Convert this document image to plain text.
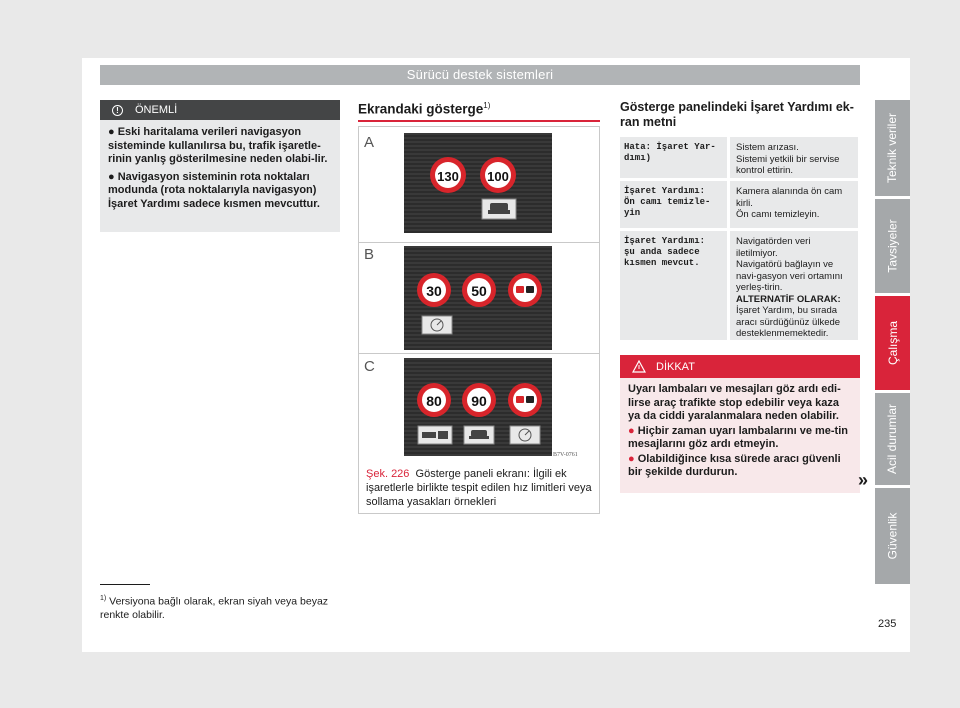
Sürücü destek sistemleri
Teknik veriler
Tavsiyeler
Çalışma
Acil durumlar
Güvenlik
!	ÖNEMLİ

● Eski haritalama verileri navigasyon sisteminde kullanılırsa bu, trafik işaretle-rinin yanlış gösterilmesine neden olabi-lir.

● Navigasyon sisteminin rota noktaları modunda (rota noktalarıyla navigasyon) İşaret Yardımı sadece kısmen mevcuttur.

$^{1)}$ Versiyona bağlı olarak, ekran siyah veya beyaz renkte olabilir.
Ekrandaki gösterge$^{1)}$
A
B
C
130 100
30 50
80 90
B7V-0761
Şek. 226 Gösterge paneli ekranı: İlgili ek işaretlerle birlikte tespit edilen hız limitleri veya sollama yasakları örnekleri
Gösterge panelindeki İşaret Yardımı ek-ran metni
Hata: İşaret Yar-dımı)
Sistem arızası.
Sistemi yetkili bir servise kontrol ettirin.
İşaret Yardımı:
Ön camı temizle-yin
Kamera alanında ön cam kirli.
Ön camı temizleyin.
İşaret Yardımı:
şu anda sadece kısmen mevcut.
Navigatörden veri iletilmiyor.
Navigatörü bağlayın ve navi-gasyon veri ortamını yerleş-tirin.
ALTERNATİF OLARAK:
İşaret Yardım, bu sırada aracı sürdüğünüz ülkede desteklenmemektedir.
DİKKAT

Uyarı lambaları ve mesajları göz ardı edi-lirse araç trafikte stop edebilir veya kaza ya da ciddi yaralanmalara neden olabilir.

● Hiçbir zaman uyarı lambalarını ve me-tin mesajlarını göz ardı etmeyin.

● Olabildiğince kısa sürede aracı güvenli bir şekilde durdurun.	»
235
